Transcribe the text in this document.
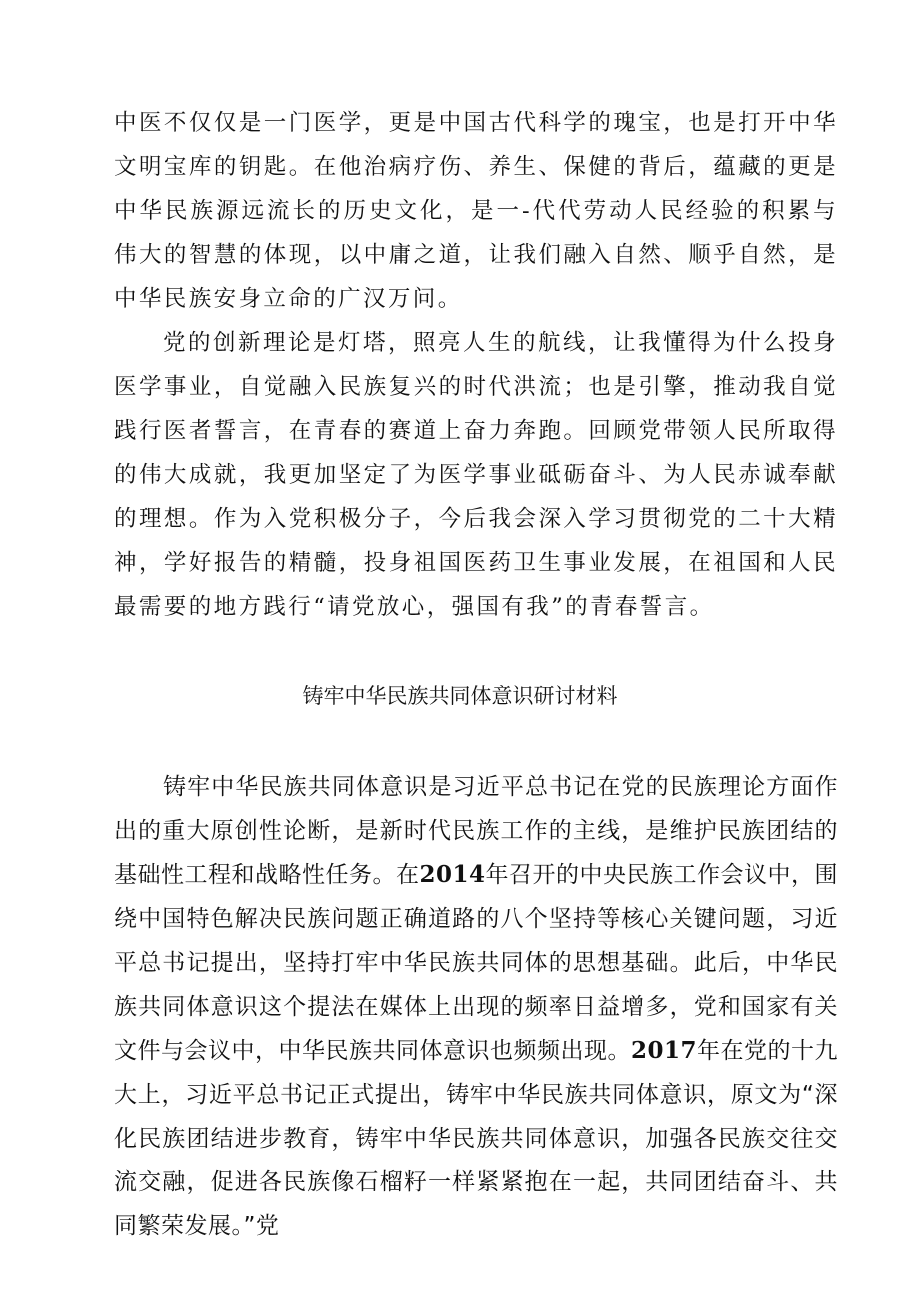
中医不仅仅是一门医学，更是中国古代科学的瑰宝，也是打开中华文明宝库的钥匙。在他治病疗伤、养生、保健的背后，蕴藏的更是中华民族源远流长的历史文化，是一-代代劳动人民经验的积累与伟大的智慧的体现，以中庸之道，让我们融入自然、顺乎自然，是中华民族安身立命的广汉万问。

党的创新理论是灯塔，照亮人生的航线，让我懂得为什么投身医学事业，自觉融入民族复兴的时代洪流；也是引擎，推动我自觉践行医者誓言，在青春的赛道上奋力奔跑。回顾党带领人民所取得的伟大成就，我更加坚定了为医学事业砥砺奋斗、为人民赤诚奉献的理想。作为入党积极分子，今后我会深入学习贯彻党的二十大精神，学好报告的精髓，投身祖国医药卫生事业发展，在祖国和人民最需要的地方践行“请党放心，强国有我”的青春誓言。

铸牢中华民族共同体意识研讨材料

铸牢中华民族共同体意识是习近平总书记在党的民族理论方面作出的重大原创性论断，是新时代民族工作的主线，是维护民族团结的基础性工程和战略性任务。在2014年召开的中央民族工作会议中，围绕中国特色解决民族问题正确道路的八个坚持等核心关键问题，习近平总书记提出，坚持打牢中华民族共同体的思想基础。此后，中华民族共同体意识这个提法在媒体上出现的频率日益增多，党和国家有关文件与会议中，中华民族共同体意识也频频出现。2017年在党的十九大上，习近平总书记正式提出，铸牢中华民族共同体意识，原文为“深化民族团结进步教育，铸牢中华民族共同体意识，加强各民族交往交流交融，促进各民族像石榴籽一样紧紧抱在一起，共同团结奋斗、共同繁荣发展。”党
